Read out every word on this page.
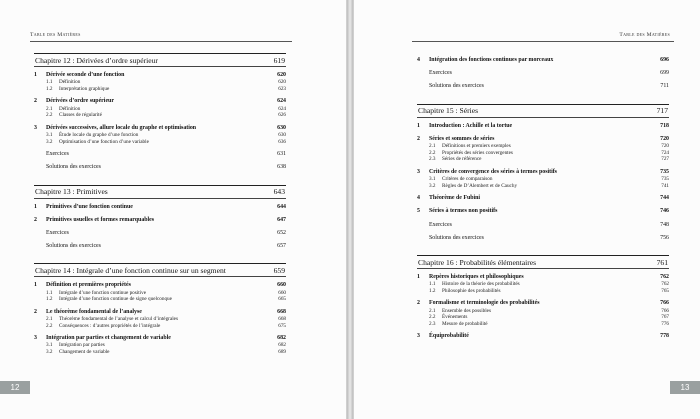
Table des Matières
Chapitre 12 : Dérivées d’ordre supérieur	619
1	Dérivée seconde d’une fonction	620
1.1	Définition	620
1.2	Interprétation graphique	623
2	Dérivées d’ordre supérieur	624
2.1	Définition	624
2.2	Classes de régularité	626
3	Dérivées successives, allure locale du graphe et optimisation	630
3.1	Étude locale du graphe d’une fonction	630
3.2	Optimisation d’une fonction d’une variable	636
Exercices	631
Solutions des exercices	638
Chapitre 13 : Primitives	643
1	Primitives d’une fonction continue	644
2	Primitives usuelles et formes remarquables	647
Exercices	652
Solutions des exercices	657
Chapitre 14 : Intégrale d’une fonction continue sur un segment	659
1	Définition et premières propriétés	660
1.1	Intégrale d’une fonction continue positive	660
1.2	Intégrale d’une fonction continue de signe quelconque	665
2	Le théorème fondamental de l’analyse	668
2.1	Théorème fondamental de l’analyse et calcul d’intégrales	668
2.2	Conséquences : d’autres propriétés de l’intégrale	675
3	Intégration par parties et changement de variable	682
3.1	Intégration par parties	682
3.2	Changement de variable	689
12
Table des Matières
4	Intégration des fonctions continues par morceaux	696
Exercices	699
Solutions des exercices	711
Chapitre 15 : Séries	717
1	Introduction : Achille et la tortue	718
2	Séries et sommes de séries	720
2.1	Définitions et premiers exemples	720
2.2	Propriétés des séries convergentes	724
2.3	Séries de référence	727
3	Critères de convergence des séries à termes positifs	735
3.1	Critères de comparaison	735
3.2	Règles de D’Alembert et de Cauchy	741
4	Théorème de Fubini	744
5	Séries à termes non positifs	746
Exercices	748
Solutions des exercices	756
Chapitre 16 : Probabilités élémentaires	761
1	Repères historiques et philosophiques	762
1.1	Histoire de la théorie des probabilités	762
1.2	Philosophie des probabilités	765
2	Formalisme et terminologie des probabilités	766
2.1	Ensemble des possibles	766
2.2	Événements	767
2.3	Mesure de probabilité	776
3	Équiprobabilité	778
13
